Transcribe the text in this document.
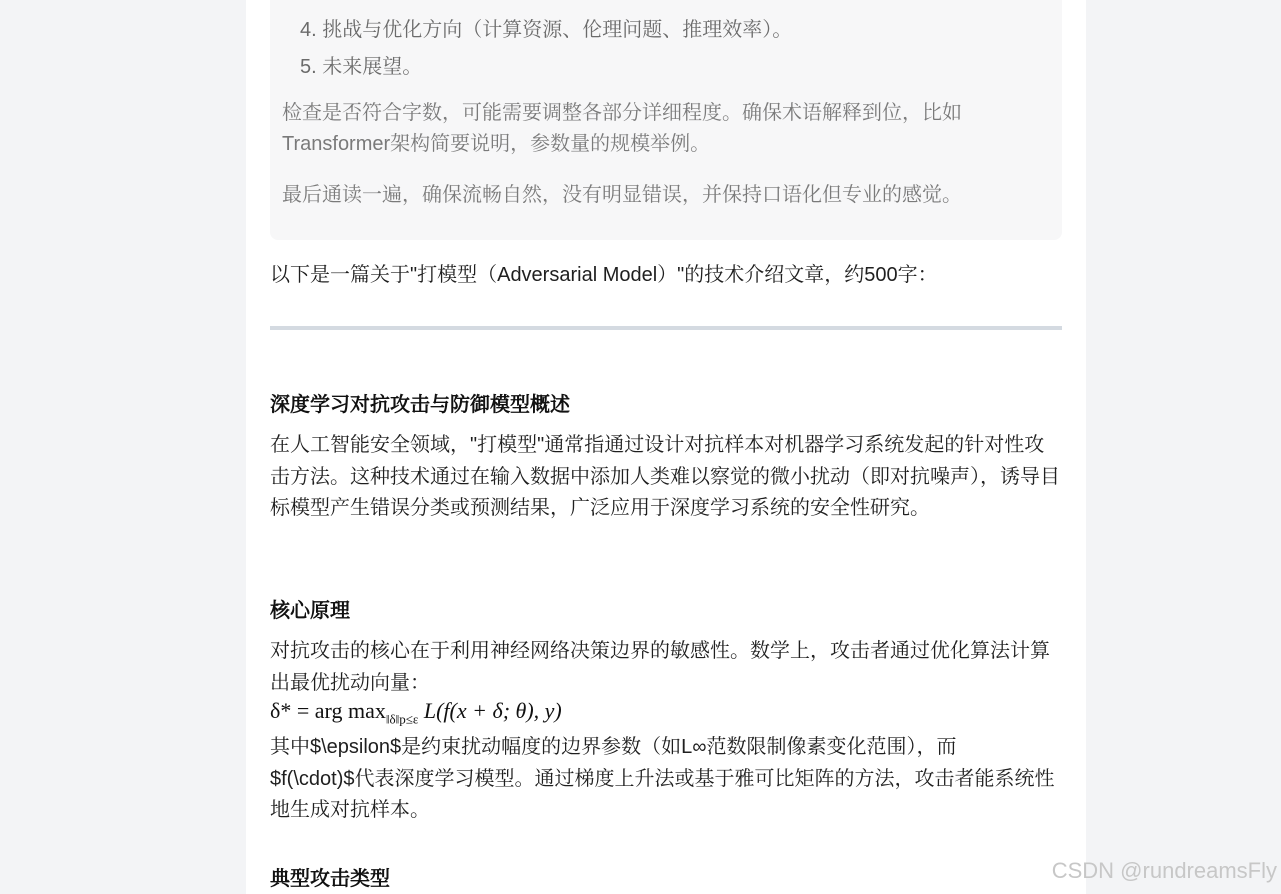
4. 挑战与优化方向（计算资源、伦理问题、推理效率）。
5. 未来展望。
检查是否符合字数，可能需要调整各部分详细程度。确保术语解释到位，比如Transformer架构简要说明，参数量的规模举例。
最后通读一遍，确保流畅自然，没有明显错误，并保持口语化但专业的感觉。
以下是一篇关于"打模型（Adversarial Model）"的技术介绍文章，约500字：
深度学习对抗攻击与防御模型概述
在人工智能安全领域，"打模型"通常指通过设计对抗样本对机器学习系统发起的针对性攻击方法。这种技术通过在输入数据中添加人类难以察觉的微小扰动（即对抗噪声），诱导目标模型产生错误分类或预测结果，广泛应用于深度学习系统的安全性研究。
核心原理
对抗攻击的核心在于利用神经网络决策边界的敏感性。数学上，攻击者通过优化算法计算出最优扰动向量：
δ* = arg $\max_{‖\delta‖p\le\varepsilon} L(f(x + \delta$; θ), y)
其中$\epsilon$是约束扰动幅度的边界参数（如L∞范数限制像素变化范围），而$f(\cdot)$代表深度学习模型。通过梯度上升法或基于雅可比矩阵的方法，攻击者能系统性地生成对抗样本。
典型攻击类型	CSDN @rundreamsFly
